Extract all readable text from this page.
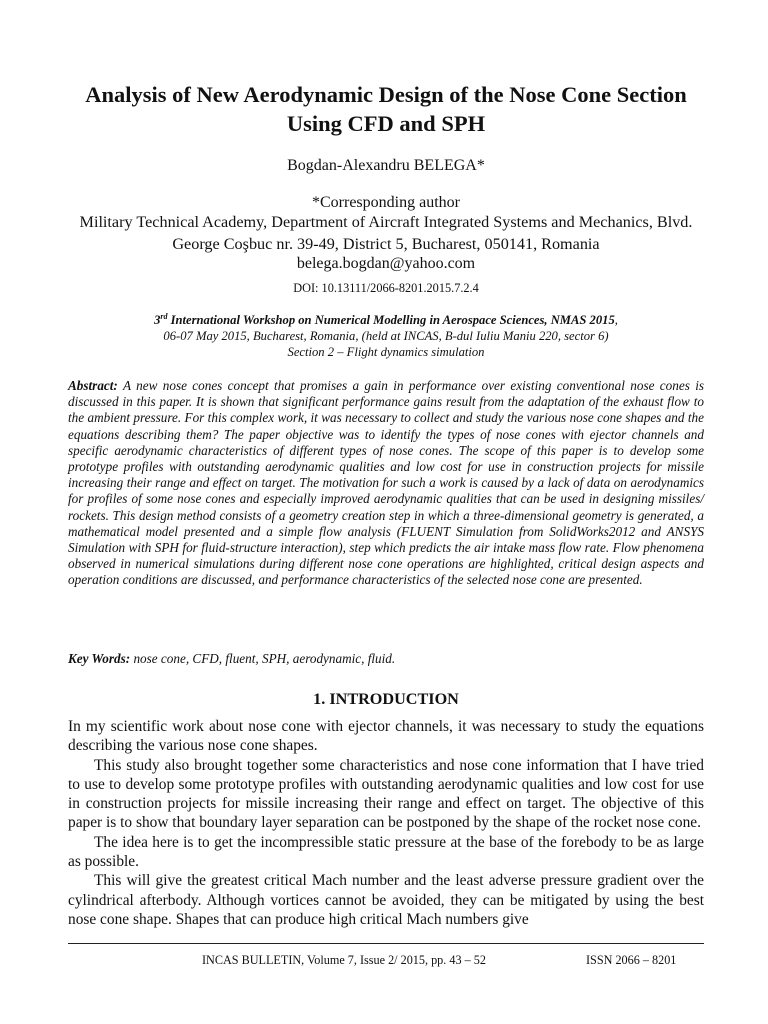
Analysis of New Aerodynamic Design of the Nose Cone Section Using CFD and SPH
Bogdan-Alexandru BELEGA*
*Corresponding author
Military Technical Academy, Department of Aircraft Integrated Systems and Mechanics, Blvd. George Coşbuc nr. 39-49, District 5, Bucharest, 050141, Romania
belega.bogdan@yahoo.com
DOI: 10.13111/2066-8201.2015.7.2.4
3rd International Workshop on Numerical Modelling in Aerospace Sciences, NMAS 2015,
06-07 May 2015, Bucharest, Romania, (held at INCAS, B-dul Iuliu Maniu 220, sector 6)
Section 2 – Flight dynamics simulation

Abstract: A new nose cones concept that promises a gain in performance over existing conventional nose cones is discussed in this paper. It is shown that significant performance gains result from the adaptation of the exhaust flow to the ambient pressure. For this complex work, it was necessary to collect and study the various nose cone shapes and the equations describing them? The paper objective was to identify the types of nose cones with ejector channels and specific aerodynamic characteristics of different types of nose cones. The scope of this paper is to develop some prototype profiles with outstanding aerodynamic qualities and low cost for use in construction projects for missile increasing their range and effect on target. The motivation for such a work is caused by a lack of data on aerodynamics for profiles of some nose cones and especially improved aerodynamic qualities that can be used in designing missiles/ rockets. This design method consists of a geometry creation step in which a three-dimensional geometry is generated, a mathematical model presented and a simple flow analysis (FLUENT Simulation from SolidWorks2012 and ANSYS Simulation with SPH for fluid-structure interaction), step which predicts the air intake mass flow rate. Flow phenomena observed in numerical simulations during different nose cone operations are highlighted, critical design aspects and operation conditions are discussed, and performance characteristics of the selected nose cone are presented.

Key Words: nose cone, CFD, fluent, SPH, aerodynamic, fluid.
1. INTRODUCTION

In my scientific work about nose cone with ejector channels, it was necessary to study the equations describing the various nose cone shapes.

This study also brought together some characteristics and nose cone information that I have tried to use to develop some prototype profiles with outstanding aerodynamic qualities and low cost for use in construction projects for missile increasing their range and effect on target. The objective of this paper is to show that boundary layer separation can be postponed by the shape of the rocket nose cone.

The idea here is to get the incompressible static pressure at the base of the forebody to be as large as possible.

This will give the greatest critical Mach number and the least adverse pressure gradient over the cylindrical afterbody. Although vortices cannot be avoided, they can be mitigated by using the best nose cone shape. Shapes that can produce high critical Mach numbers give

INCAS BULLETIN, Volume 7, Issue 2/ 2015, pp. 43 – 52	ISSN 2066 – 8201
